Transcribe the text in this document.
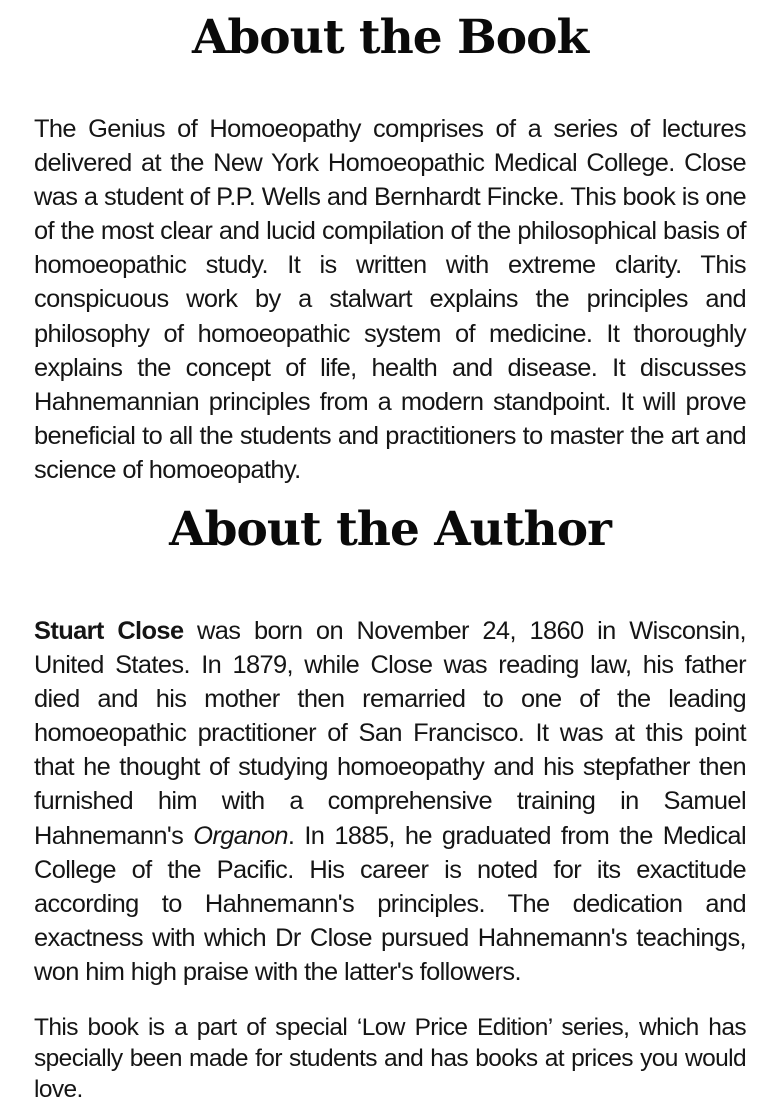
About the Book

The Genius of Homoeopathy comprises of a series of lectures delivered at the New York Homoeopathic Medical College. Close was a student of P.P. Wells and Bernhardt Fincke. This book is one of the most clear and lucid compilation of the philosophical basis of homoeopathic study. It is written with extreme clarity. This conspicuous work by a stalwart explains the principles and philosophy of homoeopathic system of medicine. It thoroughly explains the concept of life, health and disease. It discusses Hahnemannian principles from a modern standpoint. It will prove beneficial to all the students and practitioners to master the art and science of homoeopathy.

About the Author

Stuart Close was born on November 24, 1860 in Wisconsin, United States. In 1879, while Close was reading law, his father died and his mother then remarried to one of the leading homoeopathic practitioner of San Francisco. It was at this point that he thought of studying homoeopathy and his stepfather then furnished him with a comprehensive training in Samuel Hahnemann's Organon. In 1885, he graduated from the Medical College of the Pacific. His career is noted for its exactitude according to Hahnemann's principles. The dedication and exactness with which Dr Close pursued Hahnemann's teachings, won him high praise with the latter's followers.

This book is a part of special ‘Low Price Edition’ series, which has specially been made for students and has books at prices you would love.
